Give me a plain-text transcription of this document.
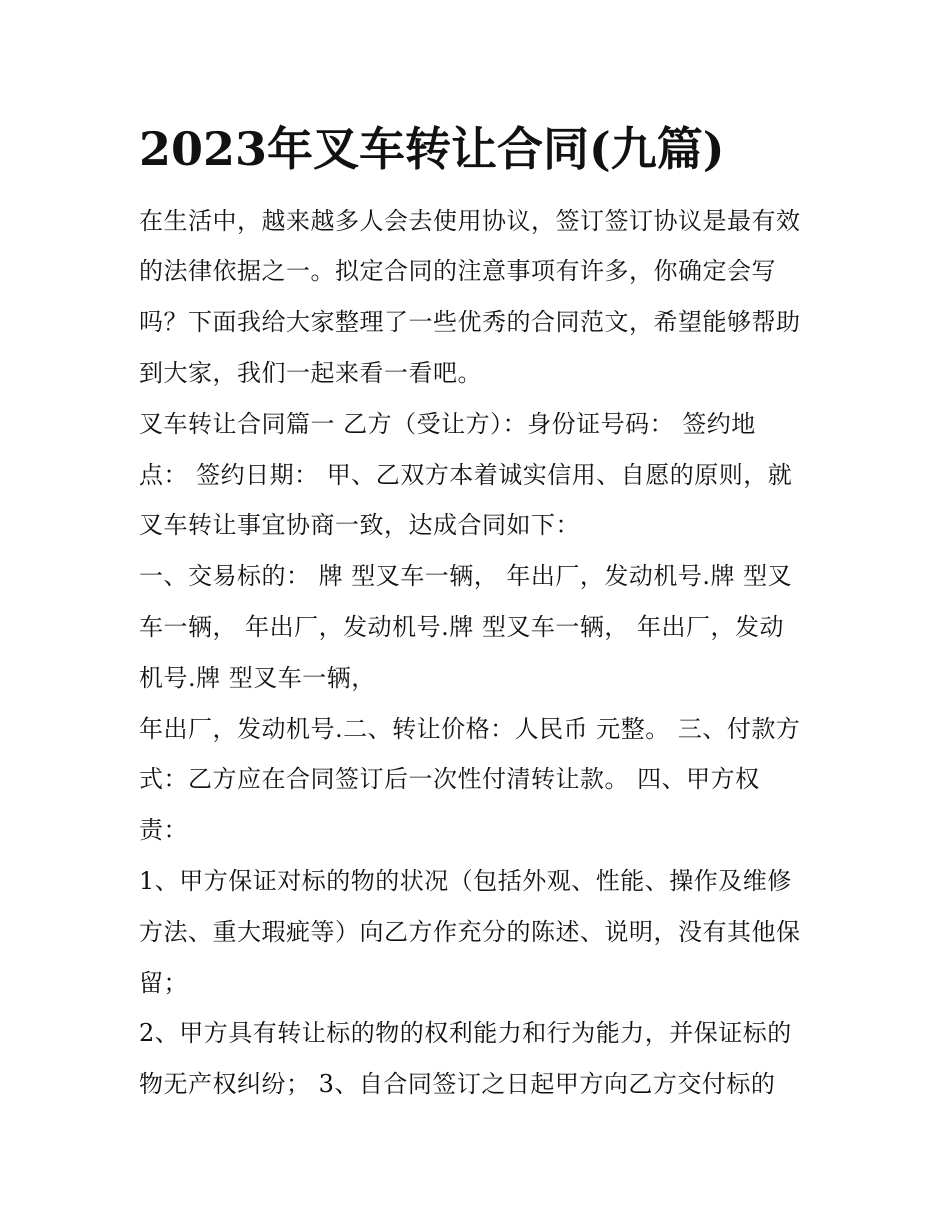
2023年叉车转让合同(九篇)

在生活中，越来越多人会去使用协议，签订签订协议是最有效

的法律依据之一。拟定合同的注意事项有许多，你确定会写

吗？下面我给大家整理了一些优秀的合同范文，希望能够帮助

到大家，我们一起来看一看吧。

叉车转让合同篇一 乙方（受让方）：身份证号码： 签约地

点： 签约日期： 甲、乙双方本着诚实信用、自愿的原则，就

叉车转让事宜协商一致，达成合同如下：

一、交易标的： 牌 型叉车一辆， 年出厂，发动机号.牌 型叉

车一辆， 年出厂，发动机号.牌 型叉车一辆， 年出厂，发动

机号.牌 型叉车一辆，

年出厂，发动机号.二、转让价格：人民币 元整。 三、付款方

式：乙方应在合同签订后一次性付清转让款。 四、甲方权

责：

1、甲方保证对标的物的状况（包括外观、性能、操作及维修

方法、重大瑕疵等）向乙方作充分的陈述、说明，没有其他保

留；

2、甲方具有转让标的物的权利能力和行为能力，并保证标的

物无产权纠纷； 3、自合同签订之日起甲方向乙方交付标的
